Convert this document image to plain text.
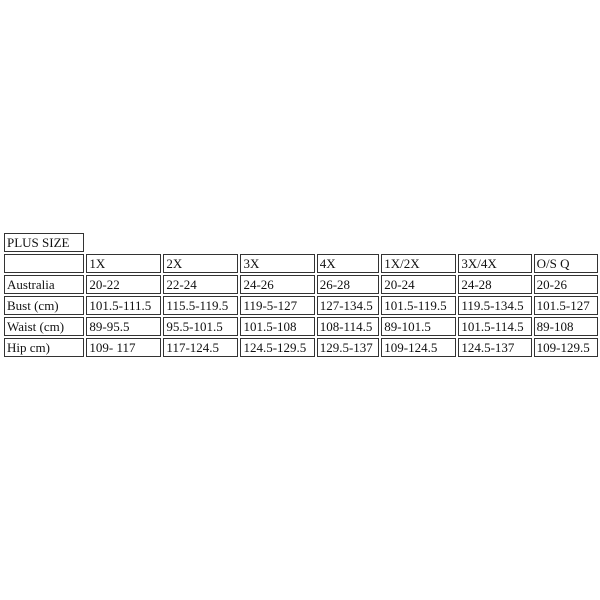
PLUS SIZE							
	1X	2X	3X	4X	1X/2X	3X/4X	O/S Q
Australia	20-22	22-24	24-26	26-28	20-24	24-28	20-26
Bust (cm)	101.5-111.5	115.5-119.5	119-5-127	127-134.5	101.5-119.5	119.5-134.5	101.5-127
Waist (cm)	89-95.5	95.5-101.5	101.5-108	108-114.5	89-101.5	101.5-114.5	89-108
Hip cm)	109- 117	117-124.5	124.5-129.5	129.5-137	109-124.5	124.5-137	109-129.5
